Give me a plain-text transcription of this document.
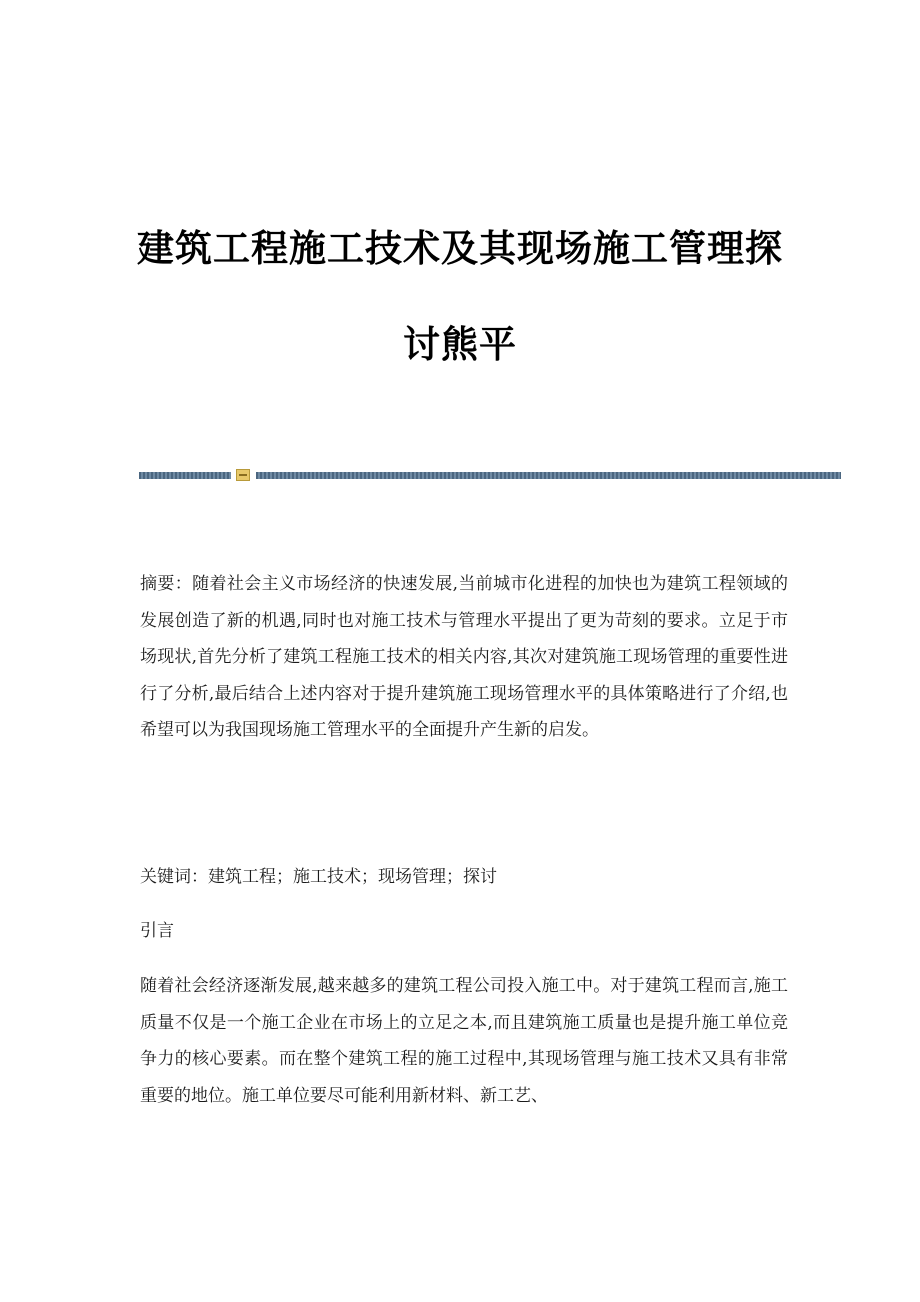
建筑工程施工技术及其现场施工管理探
讨熊平

摘要：随着社会主义市场经济的快速发展,当前城市化进程的加快也为建筑工程领域的发展创造了新的机遇,同时也对施工技术与管理水平提出了更为苛刻的要求。立足于市场现状,首先分析了建筑工程施工技术的相关内容,其次对建筑施工现场管理的重要性进行了分析,最后结合上述内容对于提升建筑施工现场管理水平的具体策略进行了介绍,也希望可以为我国现场施工管理水平的全面提升产生新的启发。

关键词：建筑工程；施工技术；现场管理；探讨

引言

随着社会经济逐渐发展,越来越多的建筑工程公司投入施工中。对于建筑工程而言,施工质量不仅是一个施工企业在市场上的立足之本,而且建筑施工质量也是提升施工单位竞争力的核心要素。而在整个建筑工程的施工过程中,其现场管理与施工技术又具有非常重要的地位。施工单位要尽可能利用新材料、新工艺、
